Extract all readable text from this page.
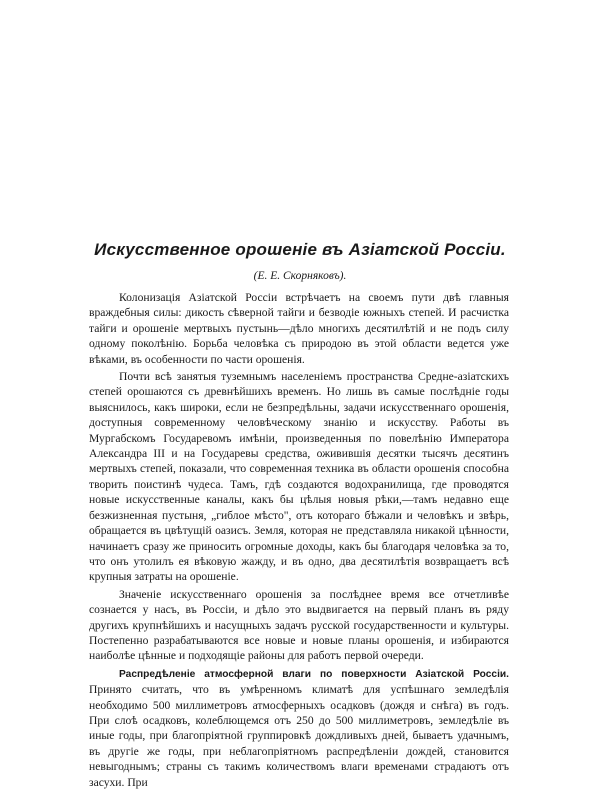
Искусственное орошеніе въ Азіатской Россіи.
(Е. Е. Скорняковъ).

Колонизація Азіатской Россіи встрѣчаетъ на своемъ пути двѣ главныя враждебныя силы: дикость сѣверной тайги и безводіе южныхъ степей. И расчистка тайги и орошеніе мертвыхъ пустынь—дѣло многихъ десятилѣтій и не подъ силу одному поколѣнію. Борьба человѣка съ природою въ этой области ведется уже вѣками, въ особенности по части орошенія.

Почти всѣ занятыя туземнымъ населеніемъ пространства Средне-азіатскихъ степей орошаются съ древнѣйшихъ временъ. Но лишь въ самые послѣдніе годы выяснилось, какъ широки, если не безпредѣльны, задачи искусственнаго орошенія, доступныя современному человѣческому знанію и искусству. Работы въ Мургабскомъ Государевомъ имѣніи, произведенныя по повелѣнію Императора Александра III и на Государевы средства, оживившія десятки тысячъ десятинъ мертвыхъ степей, показали, что современная техника въ области орошенія способна творить поистинѣ чудеса. Тамъ, гдѣ создаются водохранилища, где проводятся новые искусственные каналы, какъ бы цѣлыя новыя рѣки,—тамъ недавно еще безжизненная пустыня, „гиблое мѣсто", отъ котораго бѣжали и человѣкъ и звѣрь, обращается въ цвѣтущій оазисъ. Земля, которая не представляла никакой цѣнности, начинаетъ сразу же приносить огромные доходы, какъ бы благодаря человѣка за то, что онъ утолилъ ея вѣковую жажду, и въ одно, два десятилѣтія возвращаетъ всѣ крупныя затраты на орошеніе.

Значеніе искусственнаго орошенія за послѣднее время все отчетливѣе сознается у насъ, въ Россіи, и дѣло это выдвигается на первый планъ въ ряду другихъ крупнѣйшихъ и насущныхъ задачъ русской государственности и культуры. Постепенно разрабатываются все новые и новые планы орошенія, и избираются наиболѣе цѣнные и подходящіе районы для работъ первой очереди.

Распредѣленіе атмосферной влаги по поверхности Азіатской Россіи. Принято считать, что въ умѣренномъ климатѣ для успѣшнаго земледѣлія необходимо 500 миллиметровъ атмосферныхъ осадковъ (дождя и снѣга) въ годъ. При слоѣ осадковъ, колеблющемся отъ 250 до 500 миллиметровъ, земледѣліе въ иные годы, при благопріятной группировкѣ дождливыхъ дней, бываетъ удачнымъ, въ другіе же годы, при неблагопріятномъ распредѣленіи дождей, становится невыгоднымъ; страны съ такимъ количествомъ влаги временами страдаютъ отъ засухи. При
